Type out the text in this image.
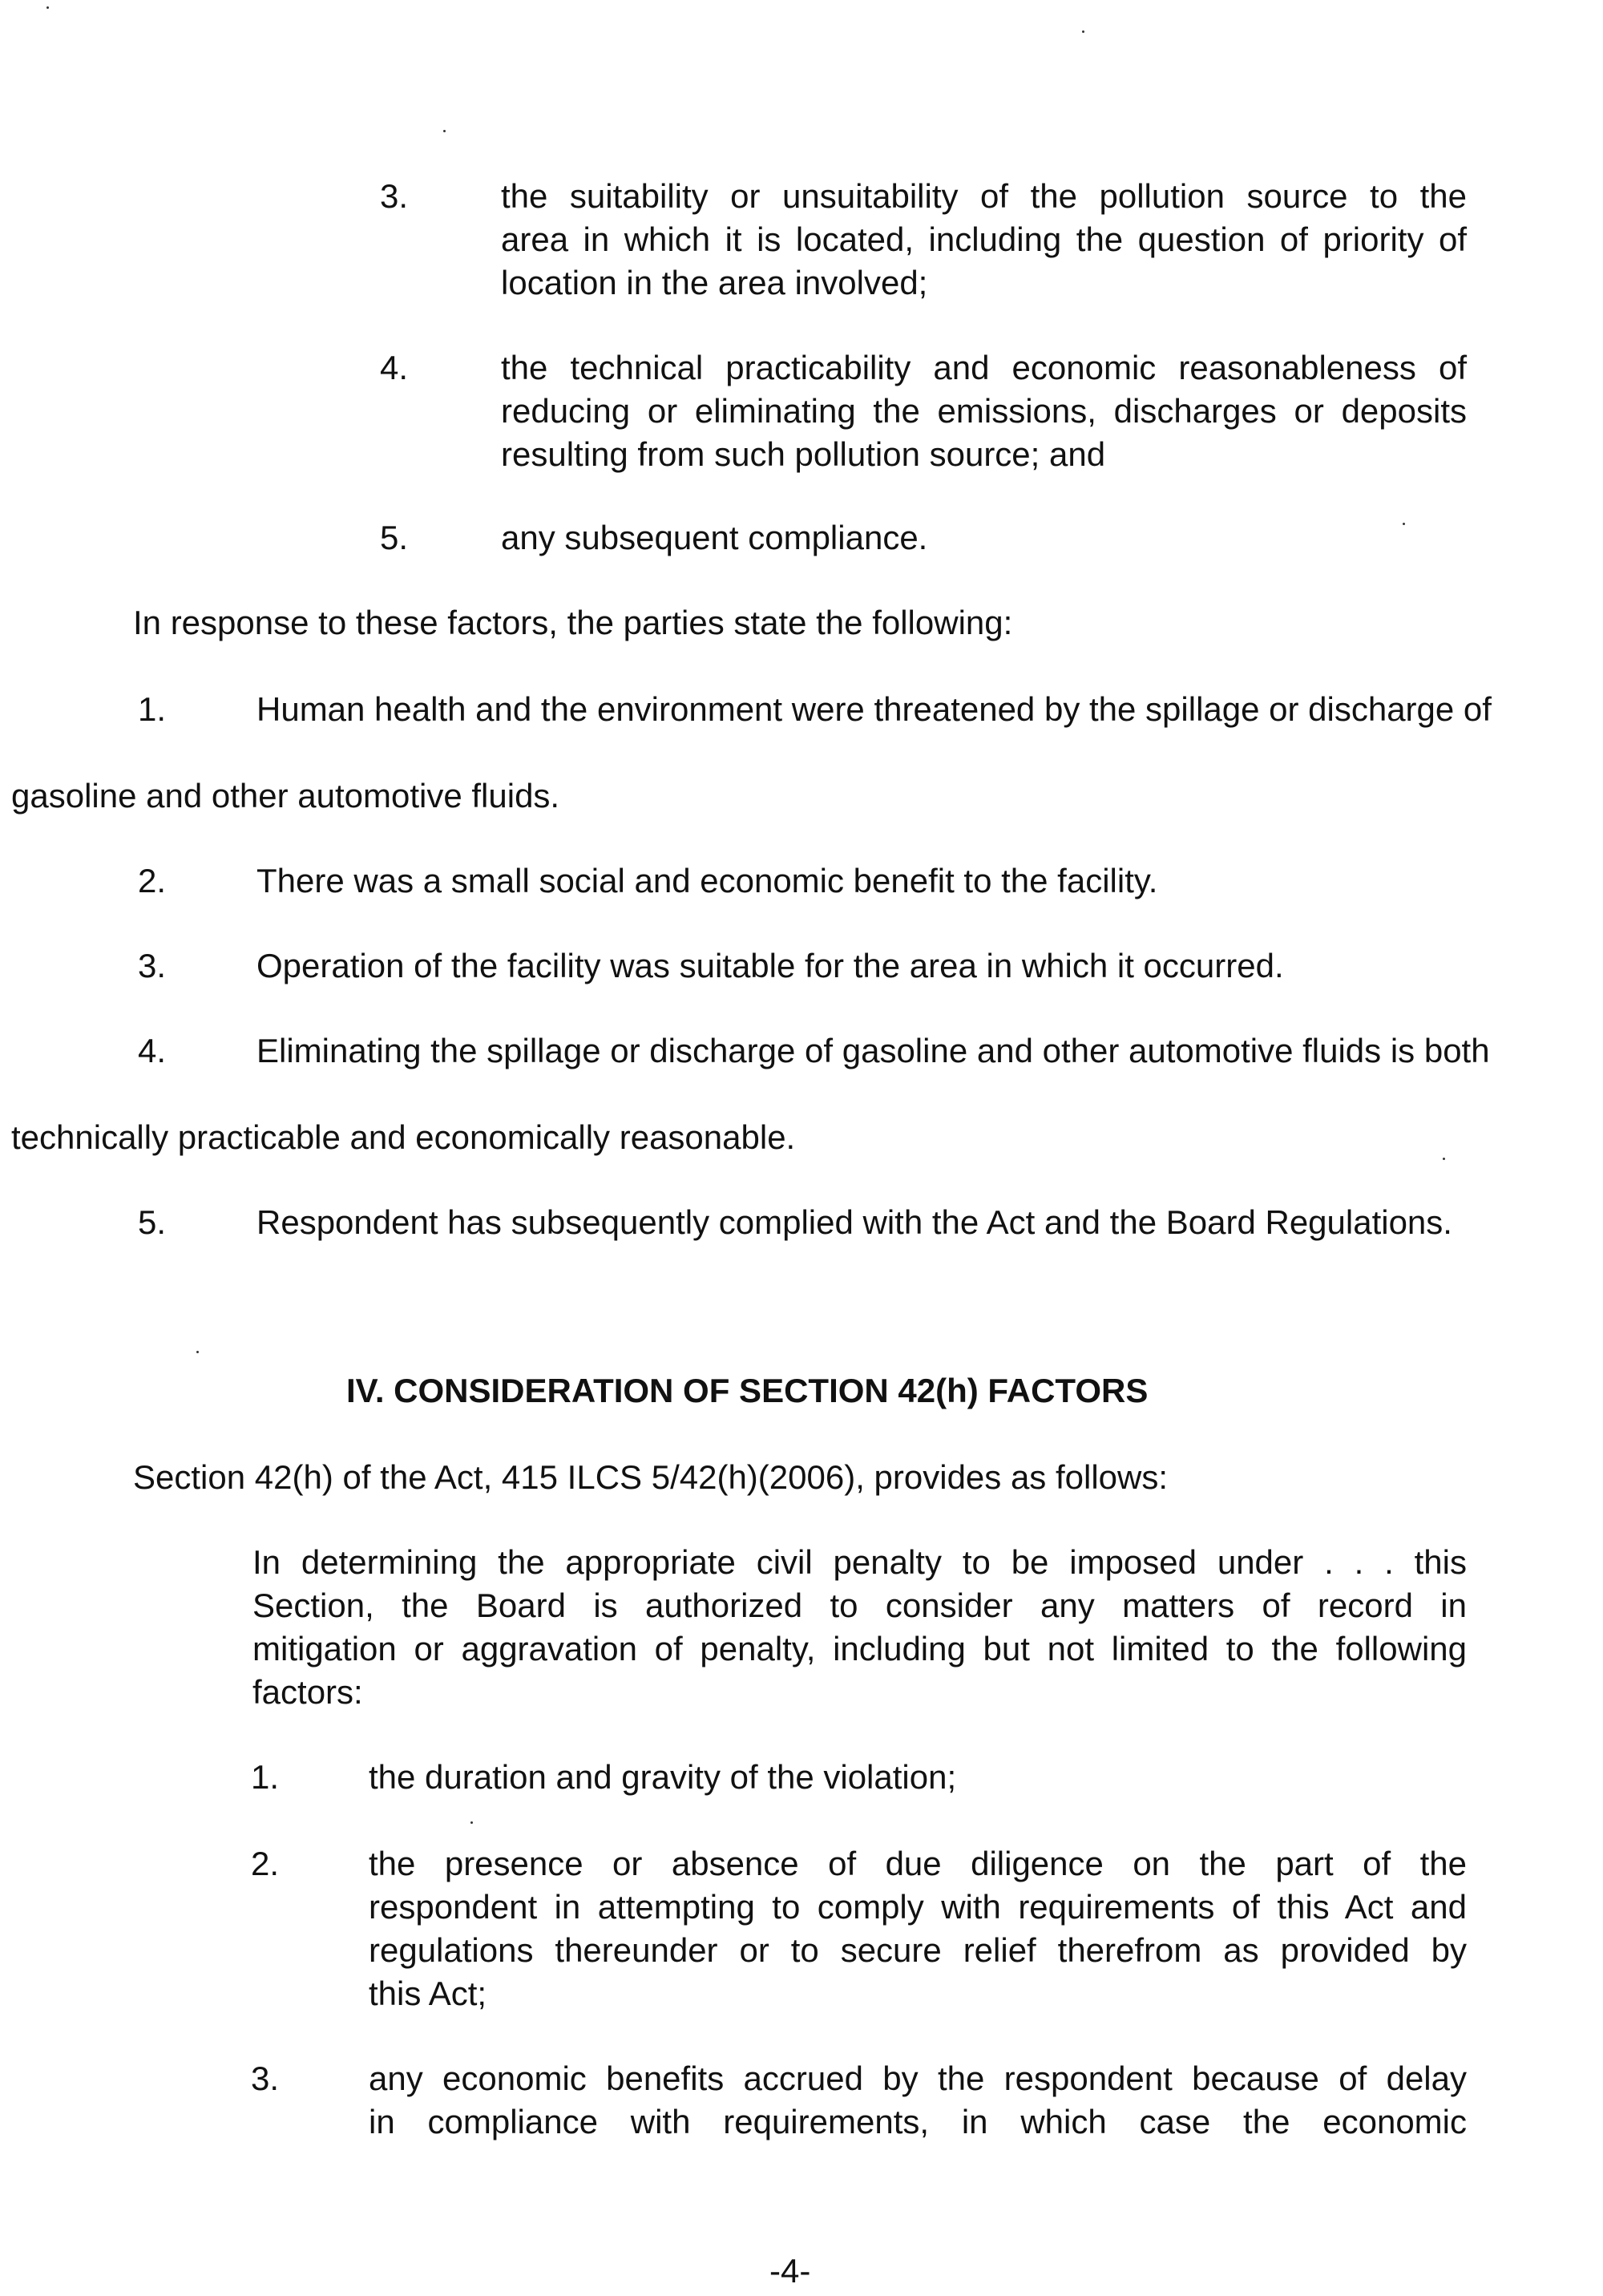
3.	the suitability or unsuitability of the pollution source to the
area in which it is located, including the question of priority of
location in the area involved;
4.	the technical practicability and economic reasonableness of
reducing or eliminating the emissions, discharges or deposits
resulting from such pollution source; and
5.	any subsequent compliance.
In response to these factors, the parties state the following:
1.	Human health and the environment were threatened by the spillage or discharge of
gasoline and other automotive fluids.
2.	There was a small social and economic benefit to the facility.
3.	Operation of the facility was suitable for the area in which it occurred.
4.	Eliminating the spillage or discharge of gasoline and other automotive fluids is both
technically practicable and economically reasonable.
5.	Respondent has subsequently complied with the Act and the Board Regulations.
IV. CONSIDERATION OF SECTION 42(h) FACTORS
Section 42(h) of the Act, 415 ILCS 5/42(h)(2006), provides as follows:
In determining the appropriate civil penalty to be imposed under . . . this
Section, the Board is authorized to consider any matters of record in
mitigation or aggravation of penalty, including but not limited to the following
factors:
1.	the duration and gravity of the violation;
2.	the presence or absence of due diligence on the part of the
respondent in attempting to comply with requirements of this Act and
regulations thereunder or to secure relief therefrom as provided by
this Act;
3.	any economic benefits accrued by the respondent because of delay
in compliance with requirements, in which case the economic
-4-
